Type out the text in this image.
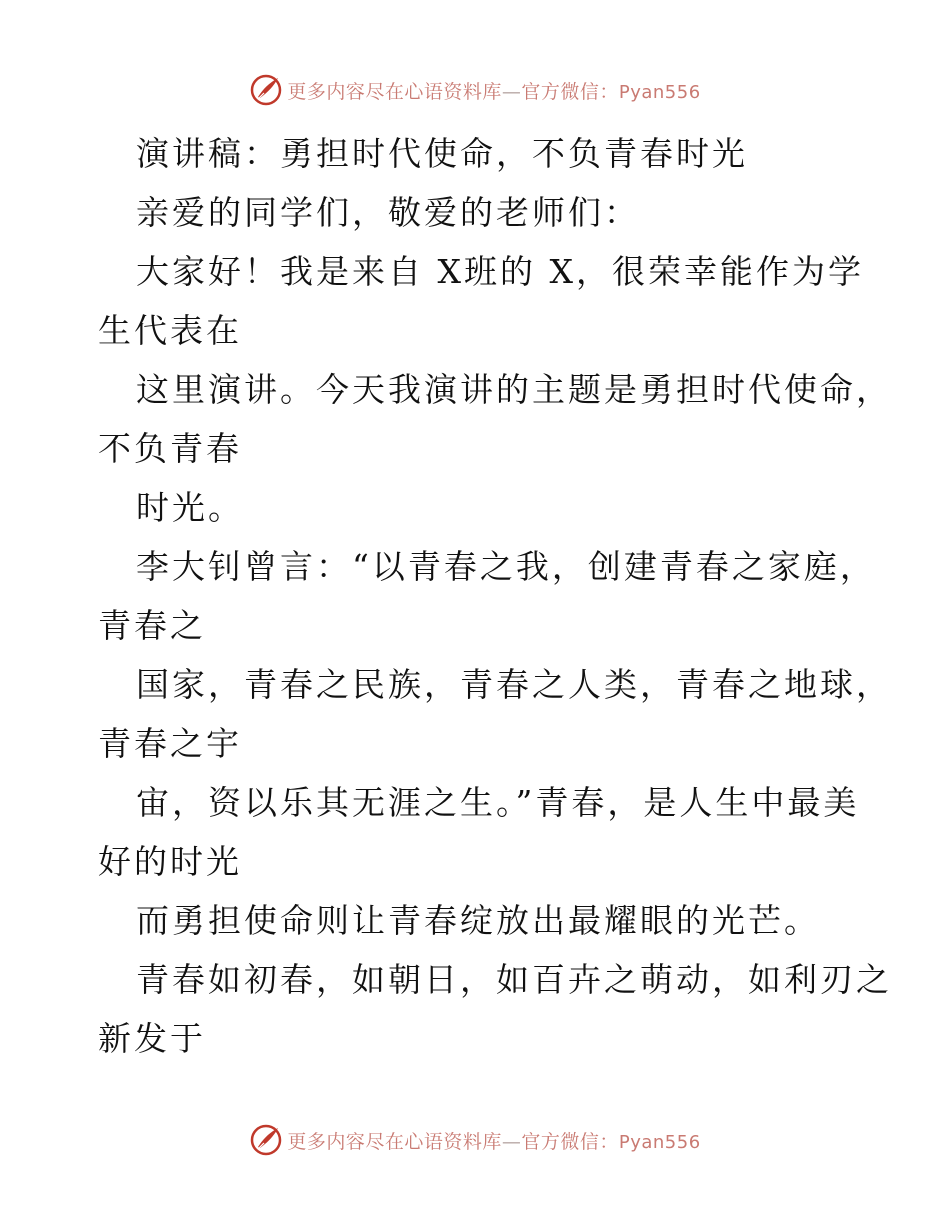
更多内容尽在心语资料库—官方微信：Pyan556
演讲稿：勇担时代使命，不负青春时光
亲爱的同学们，敬爱的老师们：
大家好！我是来自 X班的 X，很荣幸能作为学
生代表在
这里演讲。今天我演讲的主题是勇担时代使命，
不负青春
时光。
李大钊曾言：“以青春之我，创建青春之家庭，
青春之
国家，青春之民族，青春之人类，青春之地球，
青春之宇
宙，资以乐其无涯之生。”青春，是人生中最美
好的时光
而勇担使命则让青春绽放出最耀眼的光芒。
青春如初春，如朝日，如百卉之萌动，如利刃之
新发于
更多内容尽在心语资料库—官方微信：Pyan556
